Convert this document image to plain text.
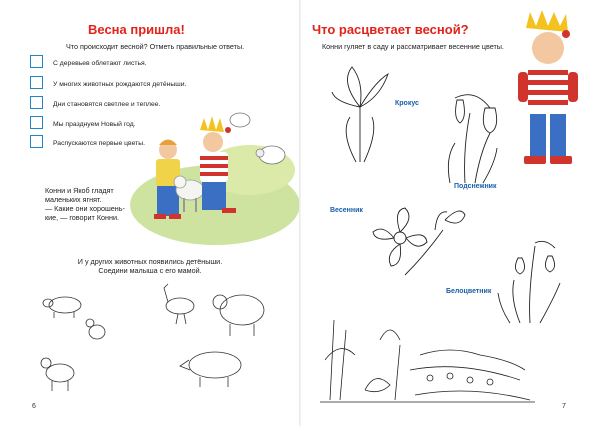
Весна пришла!
Что происходит весной? Отметь правильные ответы.
С деревьев облетают листья.
У многих животных рождаются детёныши.
Дни становятся светлее и теплее.
Мы празднуем Новый год.
Распускаются первые цветы.
Конни и Якоб гладят
маленьких ягнят.
— Какие они хорошень-
кие, — говорит Конни.
И у других животных появились детёныши.
Соедини малыша с его мамой.
6
Что расцветает весной?
Конни гуляет в саду и рассматривает весенние цветы.
Крокус
Подснежник
Весенник
Белоцветник
7
